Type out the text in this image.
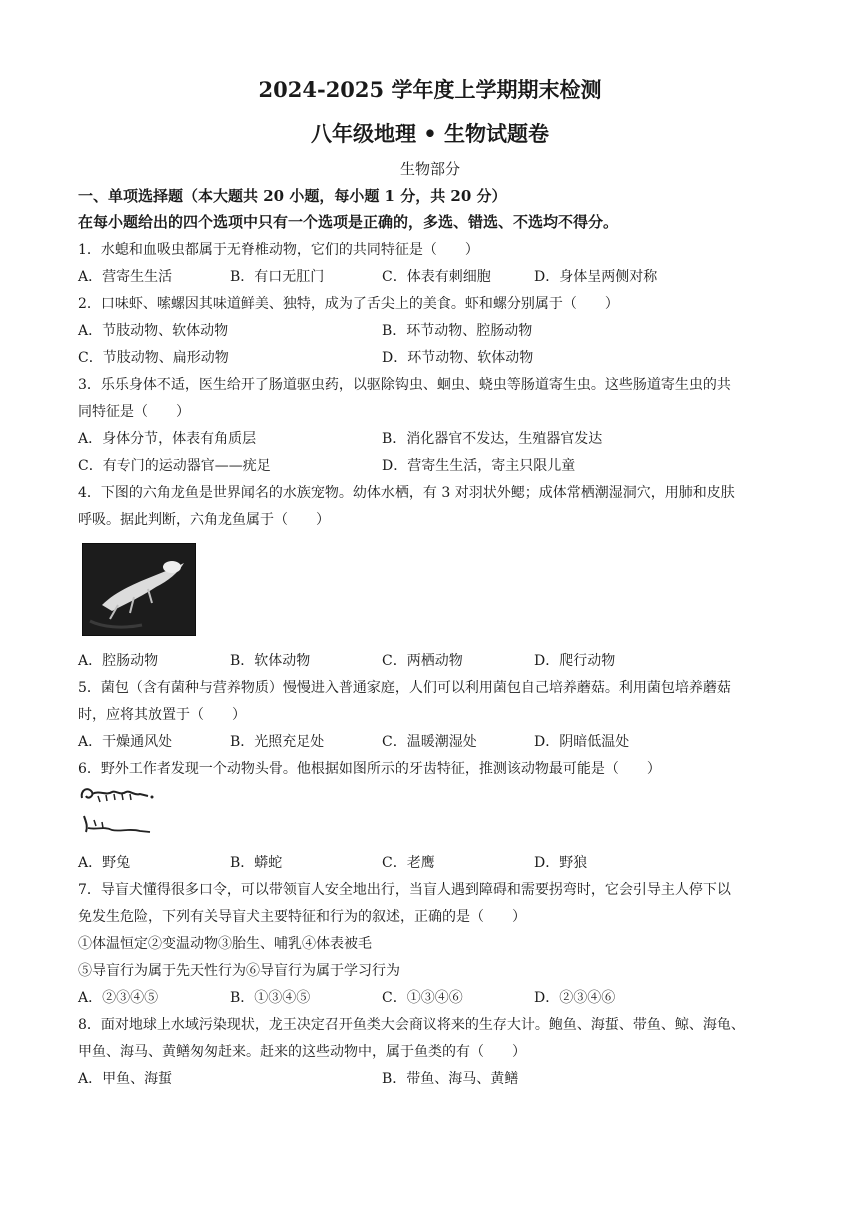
2024-2025 学年度上学期期末检测
八年级地理 • 生物试题卷
生物部分
一、单项选择题（本大题共 20 小题，每小题 1 分，共 20 分）
在每小题给出的四个选项中只有一个选项是正确的，多选、错选、不选均不得分。
1．水螅和血吸虫都属于无脊椎动物，它们的共同特征是（　　）
A．营寄生生活	B．有口无肛门	C．体表有刺细胞	D．身体呈两侧对称
2．口味虾、嗦螺因其味道鲜美、独特，成为了舌尖上的美食。虾和螺分别属于（　　）
A．节肢动物、软体动物	B．环节动物、腔肠动物
C．节肢动物、扁形动物	D．环节动物、软体动物
3．乐乐身体不适，医生给开了肠道驱虫药，以驱除钩虫、蛔虫、蛲虫等肠道寄生虫。这些肠道寄生虫的共
同特征是（　　）
A．身体分节，体表有角质层	B．消化器官不发达，生殖器官发达
C．有专门的运动器官——疣足	D．营寄生生活，寄主只限儿童
4．下图的六角龙鱼是世界闻名的水族宠物。幼体水栖，有 3 对羽状外鳃；成体常栖潮湿洞穴，用肺和皮肤
呼吸。据此判断，六角龙鱼属于（　　）
A．腔肠动物	B．软体动物	C．两栖动物	D．爬行动物
5．菌包（含有菌种与营养物质）慢慢进入普通家庭，人们可以利用菌包自己培养蘑菇。利用菌包培养蘑菇
时，应将其放置于（　　）
A．干燥通风处	B．光照充足处	C．温暖潮湿处	D．阴暗低温处
6．野外工作者发现一个动物头骨。他根据如图所示的牙齿特征，推测该动物最可能是（　　）
A．野兔	B．蟒蛇	C．老鹰	D．野狼
7．导盲犬懂得很多口令，可以带领盲人安全地出行，当盲人遇到障碍和需要拐弯时，它会引导主人停下以
免发生危险，下列有关导盲犬主要特征和行为的叙述，正确的是（　　）
①体温恒定②变温动物③胎生、哺乳④体表被毛
⑤导盲行为属于先天性行为⑥导盲行为属于学习行为
A．②③④⑤	B．①③④⑤	C．①③④⑥	D．②③④⑥
8．面对地球上水域污染现状，龙王决定召开鱼类大会商议将来的生存大计。鲍鱼、海蜇、带鱼、鲸、海龟、
甲鱼、海马、黄鳝匆匆赶来。赶来的这些动物中，属于鱼类的有（　　）
A．甲鱼、海蜇	B．带鱼、海马、黄鳝
